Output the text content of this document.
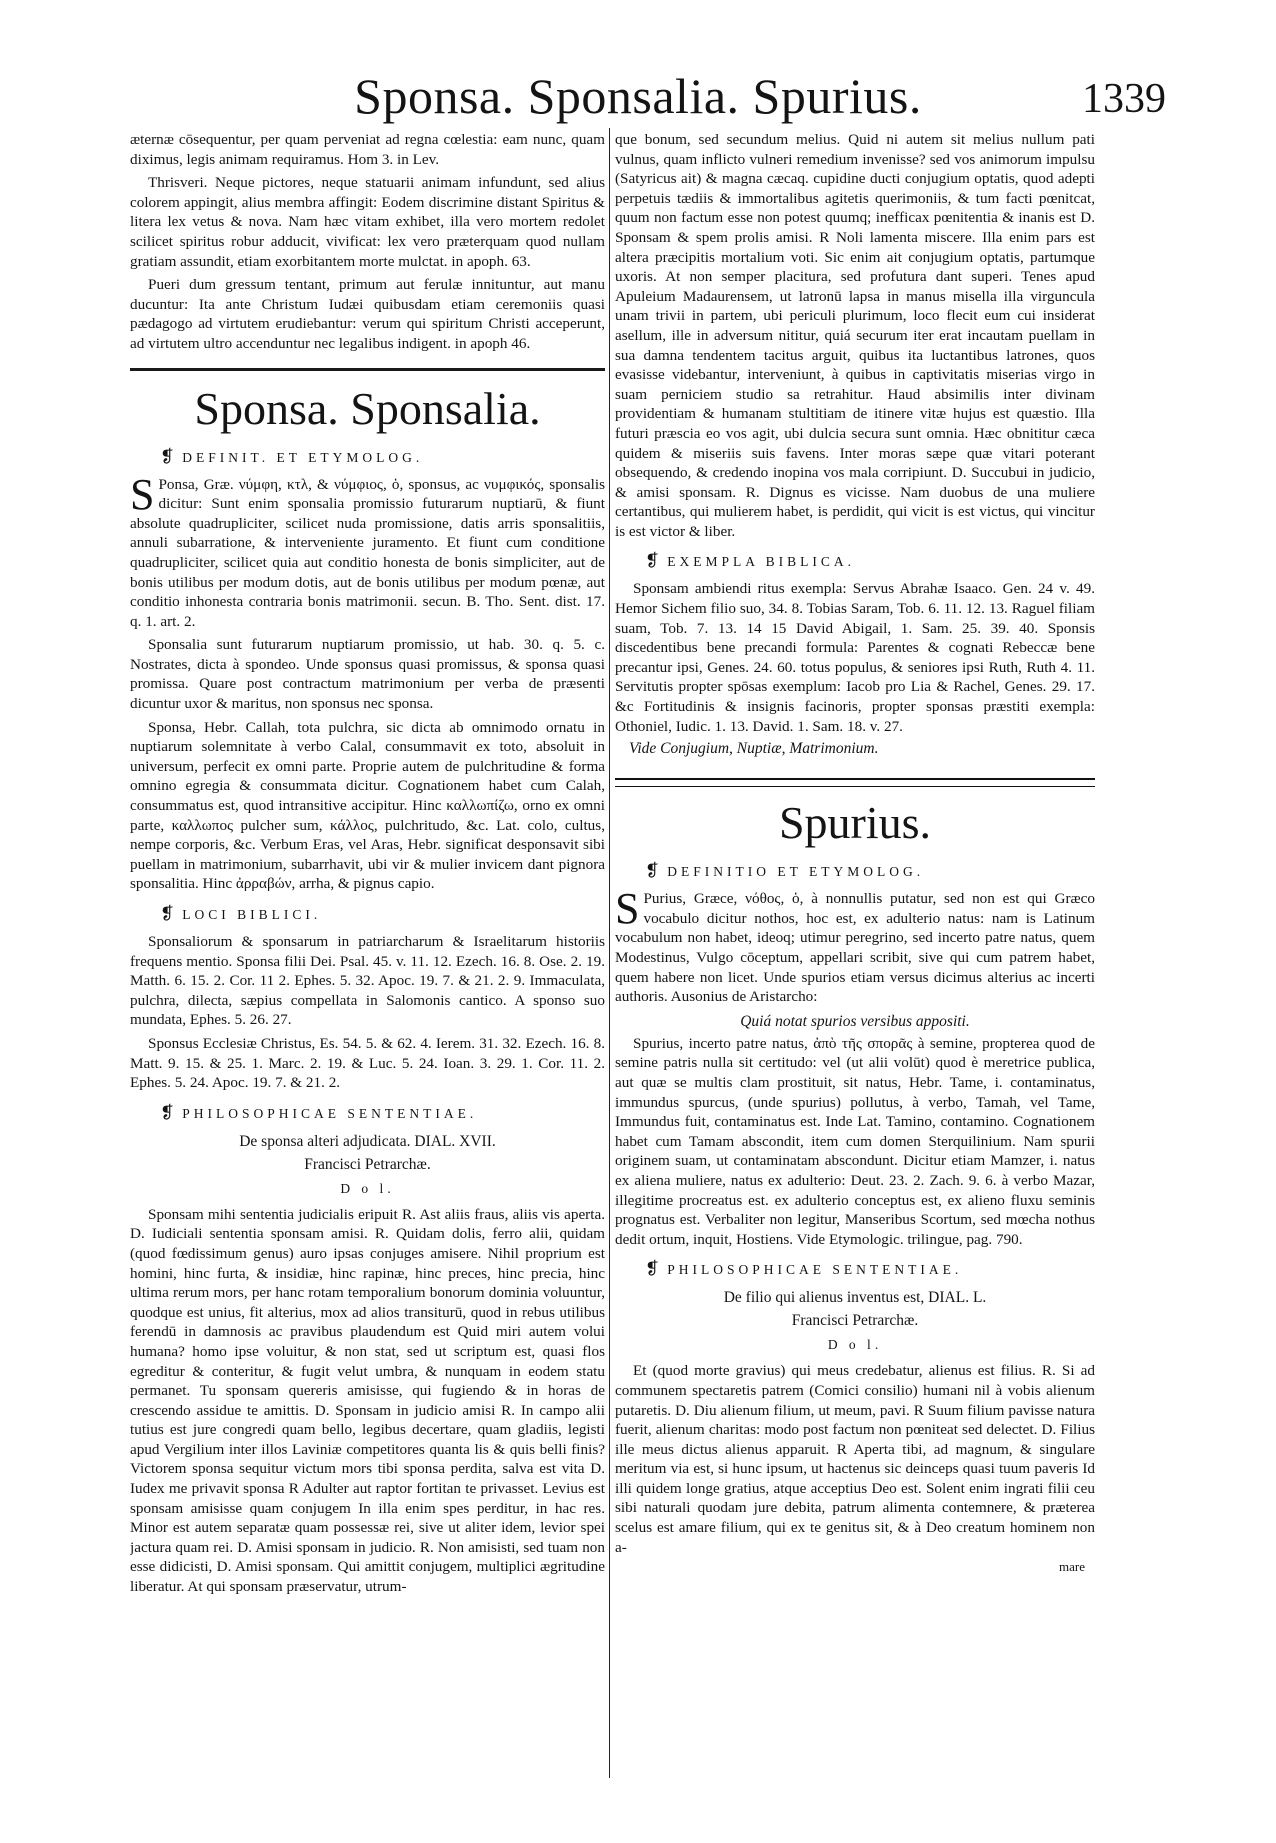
Sponsa. Sponsalia. Spurius.	1339

æternæ cōsequentur, per quam perveniat ad regna cœlestia: eam nunc, quam diximus, legis animam requiramus. Hom 3. in Lev.

Thrisveri. Neque pictores, neque statuarii animam infundunt, sed alius colorem appingit, alius membra affingit: Eodem discrimine distant Spiritus & litera lex vetus & nova. Nam hæc vitam exhibet, illa vero mortem redolet scilicet spiritus robur adducit, vivificat: lex vero præterquam quod nullam gratiam assundit, etiam exorbitantem morte mulctat. in apoph. 63.

Pueri dum gressum tentant, primum aut ferulæ innituntur, aut manu ducuntur: Ita ante Christum Iudæi quibusdam etiam ceremoniis quasi pædagogo ad virtutem erudiebantur: verum qui spiritum Christi acceperunt, ad virtutem ultro accenduntur nec legalibus indigent. in apoph 46.

Sponsa. Sponsalia.
❡ DEFINIT. ET ETYMOLOG.

S Ponsa, Græ. νύμφη, κτλ, & νύμφιος, ὁ, sponsus, ac νυμφικός, sponsalis dicitur: Sunt enim sponsalia promissio futurarum nuptiarū, & fiunt absolute quadrupliciter, scilicet nuda promissione, datis arris sponsalitiis, annuli subarratione, & interveniente juramento. Et fiunt cum conditione quadrupliciter, scilicet quia aut conditio honesta de bonis simpliciter, aut de bonis utilibus per modum dotis, aut de bonis utilibus per modum pœnæ, aut conditio inhonesta contraria bonis matrimonii. secun. B. Tho. Sent. dist. 17. q. 1. art. 2.

Sponsalia sunt futurarum nuptiarum promissio, ut hab. 30. q. 5. c. Nostrates, dicta à spondeo. Unde sponsus quasi promissus, & sponsa quasi promissa. Quare post contractum matrimonium per verba de præsenti dicuntur uxor & maritus, non sponsus nec sponsa.

Sponsa, Hebr. Callah, tota pulchra, sic dicta ab omnimodo ornatu in nuptiarum solemnitate à verbo Calal, consummavit ex toto, absoluit in universum, perfecit ex omni parte. Proprie autem de pulchritudine & forma omnino egregia & consummata dicitur. Cognationem habet cum Calah, consummatus est, quod intransitive accipitur. Hinc καλλωπίζω, orno ex omni parte, καλλωπος pulcher sum, κάλλος, pulchritudo, &c. Lat. colo, cultus, nempe corporis, &c. Verbum Eras, vel Aras, Hebr. significat desponsavit sibi puellam in matrimonium, subarrhavit, ubi vir & mulier invicem dant pignora sponsalitia. Hinc ἀρραβών, arrha, & pignus capio.

❡ LOCI BIBLICI.

Sponsaliorum & sponsarum in patriarcharum & Israelitarum historiis frequens mentio. Sponsa filii Dei. Psal. 45. v. 11. 12. Ezech. 16. 8. Ose. 2. 19. Matth. 6. 15. 2. Cor. 11 2. Ephes. 5. 32. Apoc. 19. 7. & 21. 2. 9. Immaculata, pulchra, dilecta, sæpius compellata in Salomonis cantico. A sponso suo mundata, Ephes. 5. 26. 27.

Sponsus Ecclesiæ Christus, Es. 54. 5. & 62. 4. Ierem. 31. 32. Ezech. 16. 8. Matt. 9. 15. & 25. 1. Marc. 2. 19. & Luc. 5. 24. Ioan. 3. 29. 1. Cor. 11. 2. Ephes. 5. 24. Apoc. 19. 7. & 21. 2.

❡ PHILOSOPHICAE SENTENTIAE.
De sponsa alteri adjudicata. DIAL. XVII.
Francisci Petrarchæ.
D o l.

Sponsam mihi sententia judicialis eripuit R. Ast aliis fraus, aliis vis aperta. D. Iudiciali sententia sponsam amisi. R. Quidam dolis, ferro alii, quidam (quod fœdissimum genus) auro ipsas conjuges amisere. Nihil proprium est homini, hinc furta, & insidiæ, hinc rapinæ, hinc preces, hinc precia, hinc ultima rerum mors, per hanc rotam temporalium bonorum dominia voluuntur, quodque est unius, fit alterius, mox ad alios transiturū, quod in rebus utilibus ferendū in damnosis ac pravibus plaudendum est Quid miri autem volui humana? homo ipse voluitur, & non stat, sed ut scriptum est, quasi flos egreditur & conteritur, & fugit velut umbra, & nunquam in eodem statu permanet. Tu sponsam quereris amisisse, qui fugiendo & in horas de crescendo assidue te amittis. D. Sponsam in judicio amisi R. In campo alii tutius est jure congredi quam bello, legibus decertare, quam gladiis, legisti apud Vergilium inter illos Laviniæ competitores quanta lis & quis belli finis? Victorem sponsa sequitur victum mors tibi sponsa perdita, salva est vita D. Iudex me privavit sponsa R Adulter aut raptor fortitan te privasset. Levius est sponsam amisisse quam conjugem In illa enim spes perditur, in hac res. Minor est autem separatæ quam possessæ rei, sive ut aliter idem, levior spei jactura quam rei. D. Amisi sponsam in judicio. R. Non amisisti, sed tuam non esse didicisti, D. Amisi sponsam. Qui amittit conjugem, multiplici ægritudine liberatur. At qui sponsam præservatur, utrum-

que bonum, sed secundum melius. Quid ni autem sit melius nullum pati vulnus, quam inflicto vulneri remedium invenisse? sed vos animorum impulsu (Satyricus ait) & magna cæcaq. cupidine ducti conjugium optatis, quod adepti perpetuis tædiis & immortalibus agitetis querimoniis, & tum facti pœnitcat, quum non factum esse non potest quumq; inefficax pœnitentia & inanis est D. Sponsam & spem prolis amisi. R Noli lamenta miscere. Illa enim pars est altera præcipitis mortalium voti. Sic enim ait conjugium optatis, partumque uxoris. At non semper placitura, sed profutura dant superi. Tenes apud Apuleium Madaurensem, ut latronū lapsa in manus misella illa virguncula unam trivii in partem, ubi periculi plurimum, loco flecit eum cui insiderat asellum, ille in adversum nititur, quiá securum iter erat incautam puellam in sua damna tendentem tacitus arguit, quibus ita luctantibus latrones, quos evasisse videbantur, interveniunt, à quibus in captivitatis miserias virgo in suam perniciem studio sa retrahitur. Haud absimilis inter divinam providentiam & humanam stultitiam de itinere vitæ hujus est quæstio. Illa futuri præscia eo vos agit, ubi dulcia secura sunt omnia. Hæc obnititur cæca quidem & miseriis suis favens. Inter moras sæpe quæ vitari poterant obsequendo, & credendo inopina vos mala corripiunt. D. Succubui in judicio, & amisi sponsam. R. Dignus es vicisse. Nam duobus de una muliere certantibus, qui mulierem habet, is perdidit, qui vicit is est victus, qui vincitur is est victor & liber.

❡ EXEMPLA BIBLICA.

Sponsam ambiendi ritus exempla: Servus Abrahæ Isaaco. Gen. 24 v. 49. Hemor Sichem filio suo, 34. 8. Tobias Saram, Tob. 6. 11. 12. 13. Raguel filiam suam, Tob. 7. 13. 14 15 David Abigail, 1. Sam. 25. 39. 40. Sponsis discedentibus bene precandi formula: Parentes & cognati Rebeccæ bene precantur ipsi, Genes. 24. 60. totus populus, & seniores ipsi Ruth, Ruth 4. 11. Servitutis propter spōsas exemplum: Iacob pro Lia & Rachel, Genes. 29. 17. &c Fortitudinis & insignis facinoris, propter sponsas præstiti exempla: Othoniel, Iudic. 1. 13. David. 1. Sam. 18. v. 27.

Vide Conjugium, Nuptiæ, Matrimonium.
Spurius.
❡ DEFINITIO ET ETYMOLOG.

S Purius, Græce, νόθος, ὁ, à nonnullis putatur, sed non est qui Græco vocabulo dicitur nothos, hoc est, ex adulterio natus: nam is Latinum vocabulum non habet, ideoq; utimur peregrino, sed incerto patre natus, quem Modestinus, Vulgo cōceptum, appellari scribit, sive qui cum patrem habet, quem habere non licet. Unde spurios etiam versus dicimus alterius ac incerti authoris. Ausonius de Aristarcho:

Quiá notat spurios versibus appositi.

Spurius, incerto patre natus, ἀπὸ τῆς σπορᾶς à semine, propterea quod de semine patris nulla sit certitudo: vel (ut alii volūt) quod è meretrice publica, aut quæ se multis clam prostituit, sit natus, Hebr. Tame, i. contaminatus, immundus spurcus, (unde spurius) pollutus, à verbo, Tamah, vel Tame, Immundus fuit, contaminatus est. Inde Lat. Tamino, contamino. Cognationem habet cum Tamam abscondit, item cum domen Sterquilinium. Nam spurii originem suam, ut contaminatam abscondunt. Dicitur etiam Mamzer, i. natus ex aliena muliere, natus ex adulterio: Deut. 23. 2. Zach. 9. 6. à verbo Mazar, illegitime procreatus est. ex adulterio conceptus est, ex alieno fluxu seminis prognatus est. Verbaliter non legitur, Manseribus Scortum, sed mœcha nothus dedit ortum, inquit, Hostiens. Vide Etymologic. trilingue, pag. 790.

❡ PHILOSOPHICAE SENTENTIAE.
De filio qui alienus inventus est, DIAL. L.
Francisci Petrarchæ.
D o l.

Et (quod morte gravius) qui meus credebatur, alienus est filius. R. Si ad communem spectaretis patrem (Comici consilio) humani nil à vobis alienum putaretis. D. Diu alienum filium, ut meum, pavi. R Suum filium pavisse natura fuerit, alienum charitas: modo post factum non pœniteat sed delectet. D. Filius ille meus dictus alienus apparuit. R Aperta tibi, ad magnum, & singulare meritum via est, si hunc ipsum, ut hactenus sic deinceps quasi tuum paveris Id illi quidem longe gratius, atque acceptius Deo est. Solent enim ingrati filii ceu sibi naturali quodam jure debita, patrum alimenta contemnere, & præterea scelus est amare filium, qui ex te genitus sit, & à Deo creatum hominem non a-

mare
